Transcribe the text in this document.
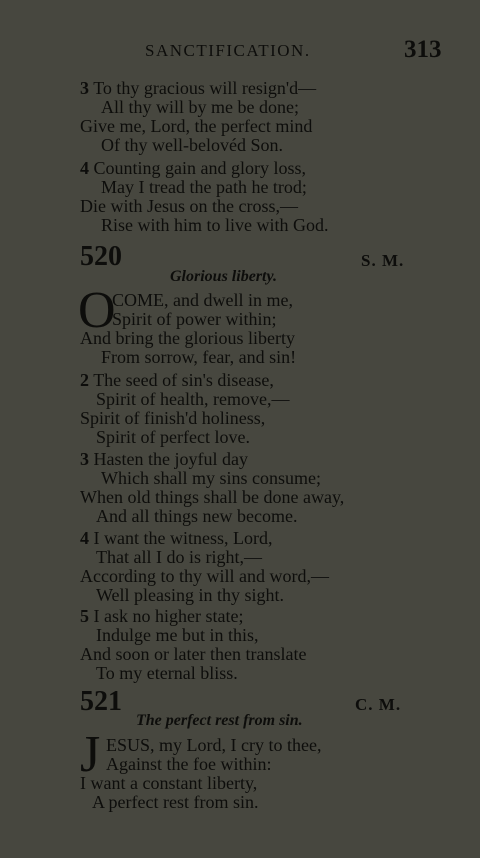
SANCTIFICATION.	313
3 To thy gracious will resign'd—
All thy will by me be done;
Give me, Lord, the perfect mind
Of thy well-belovéd Son.
4 Counting gain and glory loss,
May I tread the path he trod;
Die with Jesus on the cross,—
Rise with him to live with God.
520	S. M.
Glorious liberty.
O
COME, and dwell in me,
Spirit of power within;
And bring the glorious liberty
From sorrow, fear, and sin!
2 The seed of sin's disease,
Spirit of health, remove,—
Spirit of finish'd holiness,
Spirit of perfect love.
3 Hasten the joyful day
Which shall my sins consume;
When old things shall be done away,
And all things new become.
4 I want the witness, Lord,
That all I do is right,—
According to thy will and word,—
Well pleasing in thy sight.
5 I ask no higher state;
Indulge me but in this,
And soon or later then translate
To my eternal bliss.
521	C. M.
The perfect rest from sin.
J ESUS, my Lord, I cry to thee,
Against the foe within:
I want a constant liberty,
A perfect rest from sin.
